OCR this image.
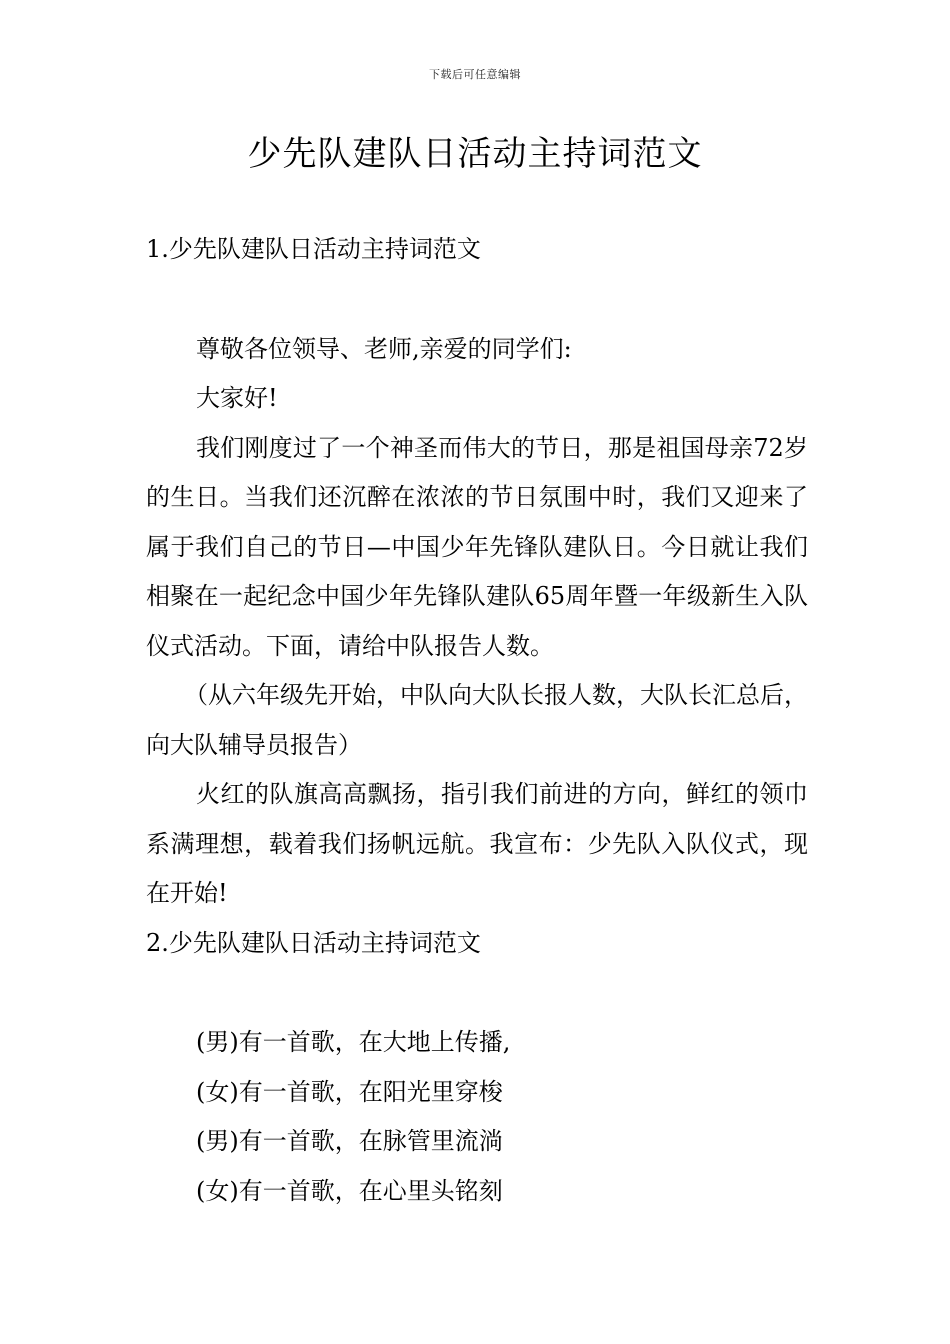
下载后可任意编辑
少先队建队日活动主持词范文

1.少先队建队日活动主持词范文

尊敬各位领导、老师,亲爱的同学们:

大家好!

我们刚度过了一个神圣而伟大的节日，那是祖国母亲72岁的生日。当我们还沉醉在浓浓的节日氛围中时，我们又迎来了属于我们自己的节日—中国少年先锋队建队日。今日就让我们相聚在一起纪念中国少年先锋队建队65周年暨一年级新生入队仪式活动。下面，请给中队报告人数。

（从六年级先开始，中队向大队长报人数，大队长汇总后，向大队辅导员报告）

火红的队旗高高飘扬，指引我们前进的方向，鲜红的领巾系满理想，载着我们扬帆远航。我宣布：少先队入队仪式，现在开始!

2.少先队建队日活动主持词范文

(男)有一首歌，在大地上传播,

(女)有一首歌，在阳光里穿梭

(男)有一首歌，在脉管里流淌

(女)有一首歌，在心里头铭刻
